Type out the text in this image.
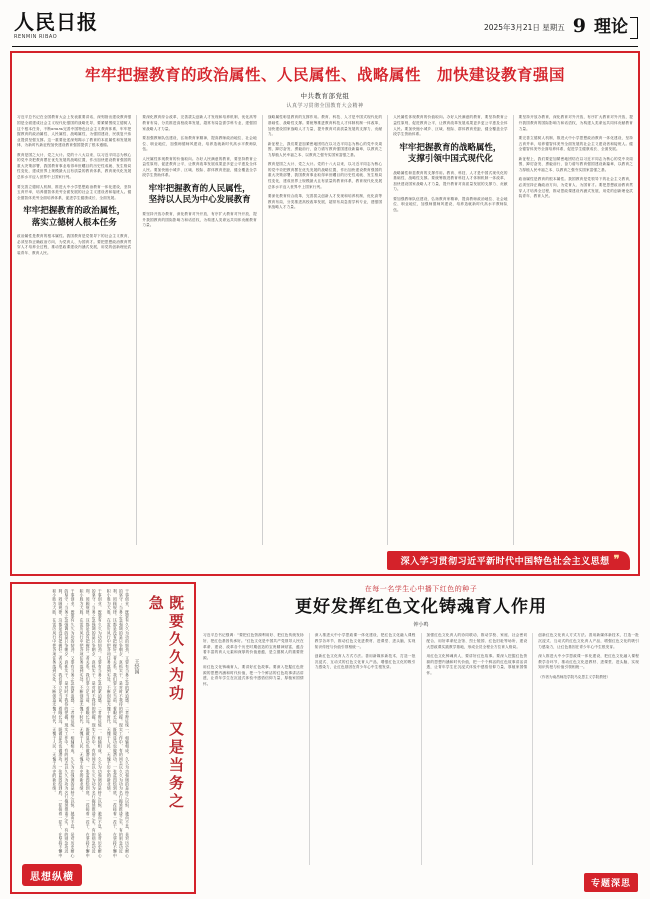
人民日报
RENMIN RIBAO
2025年3月21日 星期五 9 理论
牢牢把握教育的政治属性、人民属性、战略属性　加快建设教育强国
中共教育部党组
认真学习贯彻全国教育大会精神

习近平总书记在全国教育大会上发表重要讲话，深刻指出建设教育强国是全面建成社会主义现代化强国的战略先导，要紧紧围绕立德树人这个根本任务，不断ополь完善中国特色社会主义教育体系，牢牢把握教育的政治属性、人民属性、战略属性，为强国建设、民族复兴伟业提供坚强支撑。这一重要论述深刻揭示了教育的本质属性和发展规律，为新时代新征程加快建设教育强国提供了根本遵循。

教育是国之大计、党之大计。党的十八大以来，以习近平同志为核心的党中央把教育摆在优先发展的战略位置，作出加快建设教育强国的重大决策部署，我国教育事业取得举世瞩目的历史性成就、发生格局性变化，建成世界上规模最大且有质量的教育体系，教育现代化发展总体水平迈入世界中上国家行列。

要完善立德树人机制，推进大中小学思想政治教育一体化建设，坚持五育并举，培养德智体美劳全面发展的社会主义建设者和接班人。健全德智体美劳全面培养体系，促进学生健康成长、全面发展。

牢牢把握教育的政治属性，落实立德树人根本任务

政治属性是教育的根本属性。我国教育是党领导下的社会主义教育，必须坚持正确政治方向，为党育人、为国育才。要把思想政治教育贯穿人才培养全过程，推动思政课建设内涵式发展，用党的创新理论武装青年、教育人民。

要深化教育综合改革，完善拔尖创新人才发现和培养机制，优化高等教育布局，分类推进高校改革发展，超常布局急需学科专业，建强国家战略人才力量。

要加强教师队伍建设，弘扬教育家精神，提高教师政治地位、社会地位、职业地位，加强师德师风建设，培养造就新时代高水平教师队伍。

人民属性体现教育的价值取向。办好人民满意的教育，要坚持教育公益性原则，促进教育公平，让教育改革发展成果更多更公平惠及全体人民。要加快缩小城乡、区域、校际、群体教育差距，健全覆盖全学段学生资助体系。

牢牢把握教育的人民属性，坚持以人民为中心发展教育

要坚持开放办教育，深化教育对外开放，有序扩大教育对外开放，提升我国教育的国际影响力和话语权，为构建人类命运共同体贡献教育力量。

战略属性彰显教育的支撑作用。教育、科技、人才是中国式现代化的基础性、战略性支撑。要统筹推进教育科技人才体制机制一体改革，加快建设国家战略人才力量，提升教育对高质量发展的支撑力、贡献力。

新征程上，我们要更加紧密地团结在以习近平同志为核心的党中央周围，踔厉奋发、勇毅前行，奋力谱写教育强国建设新篇章，以教育之力厚植人民幸福之本、以教育之强夯实国家富强之基。

教育是国之大计、党之大计。党的十八大以来，以习近平同志为核心的党中央把教育摆在优先发展的战略位置，作出加快建设教育强国的重大决策部署，我国教育事业取得举世瞩目的历史性成就、发生格局性变化，建成世界上规模最大且有质量的教育体系，教育现代化发展总体水平迈入世界中上国家行列。

要深化教育综合改革，完善拔尖创新人才发现和培养机制，优化高等教育布局，分类推进高校改革发展，超常布局急需学科专业，建强国家战略人才力量。

人民属性体现教育的价值取向。办好人民满意的教育，要坚持教育公益性原则，促进教育公平，让教育改革发展成果更多更公平惠及全体人民。要加快缩小城乡、区域、校际、群体教育差距，健全覆盖全学段学生资助体系。

牢牢把握教育的战略属性，支撑引领中国式现代化

战略属性彰显教育的支撑作用。教育、科技、人才是中国式现代化的基础性、战略性支撑。要统筹推进教育科技人才体制机制一体改革，加快建设国家战略人才力量，提升教育对高质量发展的支撑力、贡献力。

要加强教师队伍建设，弘扬教育家精神，提高教师政治地位、社会地位、职业地位，加强师德师风建设，培养造就新时代高水平教师队伍。

要坚持开放办教育，深化教育对外开放，有序扩大教育对外开放，提升我国教育的国际影响力和话语权，为构建人类命运共同体贡献教育力量。

要完善立德树人机制，推进大中小学思想政治教育一体化建设，坚持五育并举，培养德智体美劳全面发展的社会主义建设者和接班人。健全德智体美劳全面培养体系，促进学生健康成长、全面发展。

新征程上，我们要更加紧密地团结在以习近平同志为核心的党中央周围，踔厉奋发、勇毅前行，奋力谱写教育强国建设新篇章，以教育之力厚植人民幸福之本、以教育之强夯实国家富强之基。

政治属性是教育的根本属性。我国教育是党领导下的社会主义教育，必须坚持正确政治方向，为党育人、为国育才。要把思想政治教育贯穿人才培养全过程，推动思政课建设内涵式发展，用党的创新理论武装青年、教育人民。

深入学习贯彻习近平新时代中国特色社会主义思想 ❞
既要久久为功　又是当务之急
王经国
干事创业，既要有久久为功的韧劲，又要有当务之急的紧迫感。二者辩证统一，相辅相成。久久为功强调的是持之以恒、驰而不息，是对历史耐心的坚守；当务之急强调的是只争朝夕、真抓实干，是对时不我待的把握。现实工作中，有的同志以久久为功为名行拖延推诿之实，有的则急功近利、罔顾规律。这都是没有把握好二者关系。我们要立足当前、着眼长远，既做显功也做潜功，一张蓝图绘到底，一茬接着一茬干，在坚持不懈中积小胜为大胜，在雷厉风行中把各项任务落到实处，不断创造无愧于时代、无愧于人民、无愧于历史的新业绩。
干事创业，既要有久久为功的韧劲，又要有当务之急的紧迫感。二者辩证统一，相辅相成。久久为功强调的是持之以恒、驰而不息，是对历史耐心的坚守；当务之急强调的是只争朝夕、真抓实干，是对时不我待的把握。现实工作中，有的同志以久久为功为名行拖延推诿之实，有的则急功近利、罔顾规律。这都是没有把握好二者关系。我们要立足当前、着眼长远，既做显功也做潜功，一张蓝图绘到底，一茬接着一茬干，在坚持不懈中积小胜为大胜，在雷厉风行中把各项任务落到实处，不断创造无愧于时代、无愧于人民、无愧于历史的新业绩。
干事创业，既要有久久为功的韧劲，又要有当务之急的紧迫感。二者辩证统一，相辅相成。久久为功强调的是持之以恒、驰而不息，是对历史耐心的坚守；当务之急强调的是只争朝夕、真抓实干，是对时不我待的把握。现实工作中，有的同志以久久为功为名行拖延推诿之实，有的则急功近利、罔顾规律。这都是没有把握好二者关系。我们要立足当前、着眼长远，既做显功也做潜功，一张蓝图绘到底，一茬接着一茬干，在坚持不懈中积小胜为大胜，在雷厉风行中把各项任务落到实处，不断创造无愧于时代、无愧于人民、无愧于历史的新业绩。
思想纵横
在每一名学生心中播下红色的种子
更好发挥红色文化铸魂育人作用
钟小鸣

习近平总书记强调：“要把红色资源利用好、把红色传统发扬好、把红色基因传承好。”红色文化是中国共产党领导人民在革命、建设、改革各个历史时期创造的宝贵精神财富，蕴含着丰富的育人元素和深厚的价值意蕴，是立德树人的重要资源。

用红色文化铸魂育人，要讲好红色故事。要深入挖掘红色资源的思想内涵和时代价值，把一个个鲜活的红色故事讲活讲透，让青年学生在沉浸式体验中感悟信仰力量，厚植家国情怀。

深入推进大中小学思政课一体化建设，把红色文化融入课程教学各环节，推动红色文化进教材、进课堂、进头脑，实现知识传授与价值引领相统一。

创新红色文化育人方式方法。善用新媒体新技术，打造一批沉浸式、互动式的红色文化育人产品，增强红色文化的吸引力感染力，让红色基因在青少年心中生根发芽。

加强红色文化育人的协同联动，推动学校、家庭、社会密切配合，用好革命纪念馆、烈士陵园、红色旧址等场所，建设大思政课实践教学基地，形成全员全程全方位育人格局。

用红色文化铸魂育人，要讲好红色故事。要深入挖掘红色资源的思想内涵和时代价值，把一个个鲜活的红色故事讲活讲透，让青年学生在沉浸式体验中感悟信仰力量，厚植家国情怀。

创新红色文化育人方式方法。善用新媒体新技术，打造一批沉浸式、互动式的红色文化育人产品，增强红色文化的吸引力感染力，让红色基因在青少年心中生根发芽。

深入推进大中小学思政课一体化建设，把红色文化融入课程教学各环节，推动红色文化进教材、进课堂、进头脑，实现知识传授与价值引领相统一。

（作者为南昌师范学院马克思主义学院教授）

专题深思
